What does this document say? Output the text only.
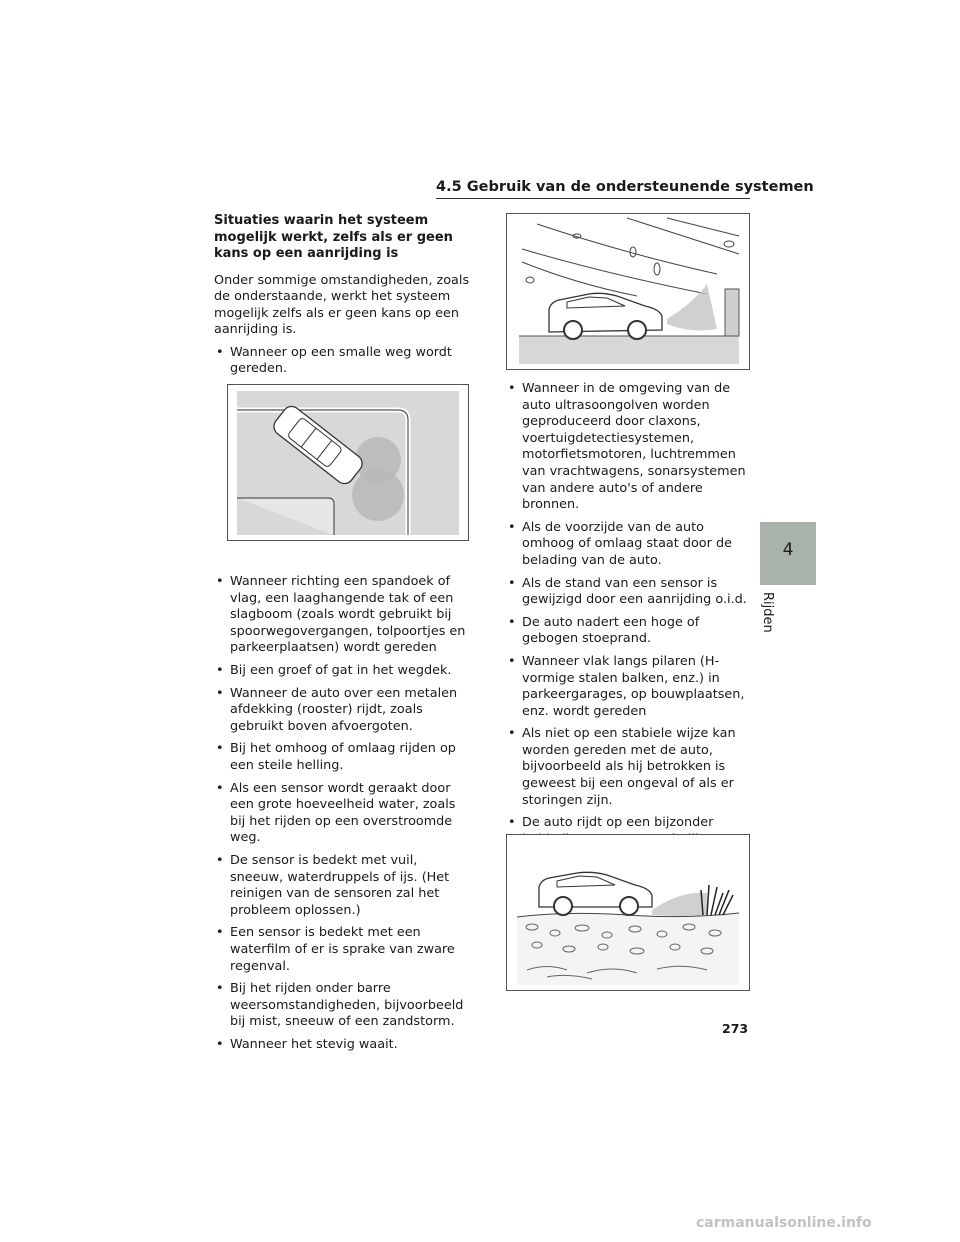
4.5 Gebruik van de ondersteunende systemen

Situaties waarin het systeem mogelijk werkt, zelfs als er geen kans op een aanrijding is

Onder sommige omstandigheden, zoals de onderstaande, werkt het systeem mogelijk zelfs als er geen kans op een aanrijding is.

• Wanneer op een smalle weg wordt gereden.
• Wanneer richting een spandoek of vlag, een laaghangende tak of een slagboom (zoals wordt gebruikt bij spoorwegovergangen, tolpoortjes en parkeerplaatsen) wordt gereden
• Bij een groef of gat in het wegdek.
• Wanneer de auto over een metalen afdekking (rooster) rijdt, zoals gebruikt boven afvoergoten.
• Bij het omhoog of omlaag rijden op een steile helling.
• Als een sensor wordt geraakt door een grote hoeveelheid water, zoals bij het rijden op een overstroomde weg.
• De sensor is bedekt met vuil, sneeuw, waterdruppels of ijs. (Het reinigen van de sensoren zal het probleem oplossen.)
• Een sensor is bedekt met een waterfilm of er is sprake van zware regenval.
• Bij het rijden onder barre weersomstandigheden, bijvoorbeeld bij mist, sneeuw of een zandstorm.
• Wanneer het stevig waait.
• Wanneer in de omgeving van de auto ultrasoongolven worden geproduceerd door claxons, voertuigdetectiesystemen, motorfietsmotoren, luchtremmen van vrachtwagens, sonarsystemen van andere auto's of andere bronnen.
• Als de voorzijde van de auto omhoog of omlaag staat door de belading van de auto.
• Als de stand van een sensor is gewijzigd door een aanrijding o.i.d.
• De auto nadert een hoge of gebogen stoeprand.
• Wanneer vlak langs pilaren (H-vormige stalen balken, enz.) in parkeergarages, op bouwplaatsen, enz. wordt gereden
• Als niet op een stabiele wijze kan worden gereden met de auto, bijvoorbeeld als hij betrokken is geweest bij een ongeval of als er storingen zijn.
• De auto rijdt op een bijzonder
4
Rijden
273
carmanualsonline.info
